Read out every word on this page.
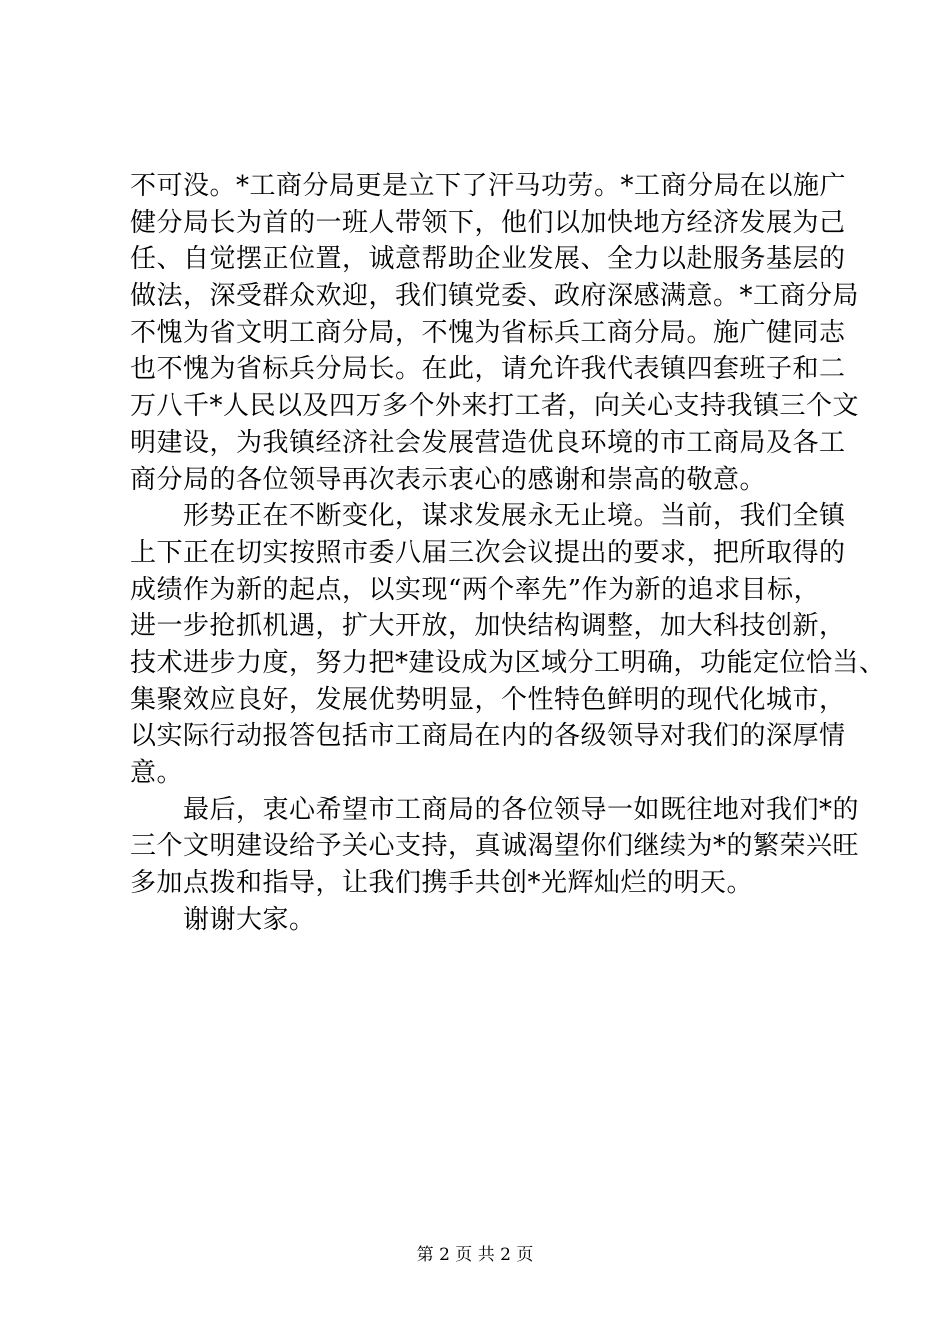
不可没。*工商分局更是立下了汗马功劳。*工商分局在以施广
健分局长为首的一班人带领下，他们以加快地方经济发展为己
任、自觉摆正位置，诚意帮助企业发展、全力以赴服务基层的
做法，深受群众欢迎，我们镇党委、政府深感满意。*工商分局
不愧为省文明工商分局，不愧为省标兵工商分局。施广健同志
也不愧为省标兵分局长。在此，请允许我代表镇四套班子和二
万八千*人民以及四万多个外来打工者，向关心支持我镇三个文
明建设，为我镇经济社会发展营造优良环境的市工商局及各工
商分局的各位领导再次表示衷心的感谢和崇高的敬意。
　　形势正在不断变化，谋求发展永无止境。当前，我们全镇
上下正在切实按照市委八届三次会议提出的要求，把所取得的
成绩作为新的起点，以实现“两个率先”作为新的追求目标，
进一步抢抓机遇，扩大开放，加快结构调整，加大科技创新，
技术进步力度，努力把*建设成为区域分工明确，功能定位恰当、
集聚效应良好，发展优势明显，个性特色鲜明的现代化城市，
以实际行动报答包括市工商局在内的各级领导对我们的深厚情
意。
　　最后，衷心希望市工商局的各位领导一如既往地对我们*的
三个文明建设给予关心支持，真诚渴望你们继续为*的繁荣兴旺
多加点拨和指导，让我们携手共创*光辉灿烂的明天。
　　谢谢大家。
第 2 页 共 2 页
